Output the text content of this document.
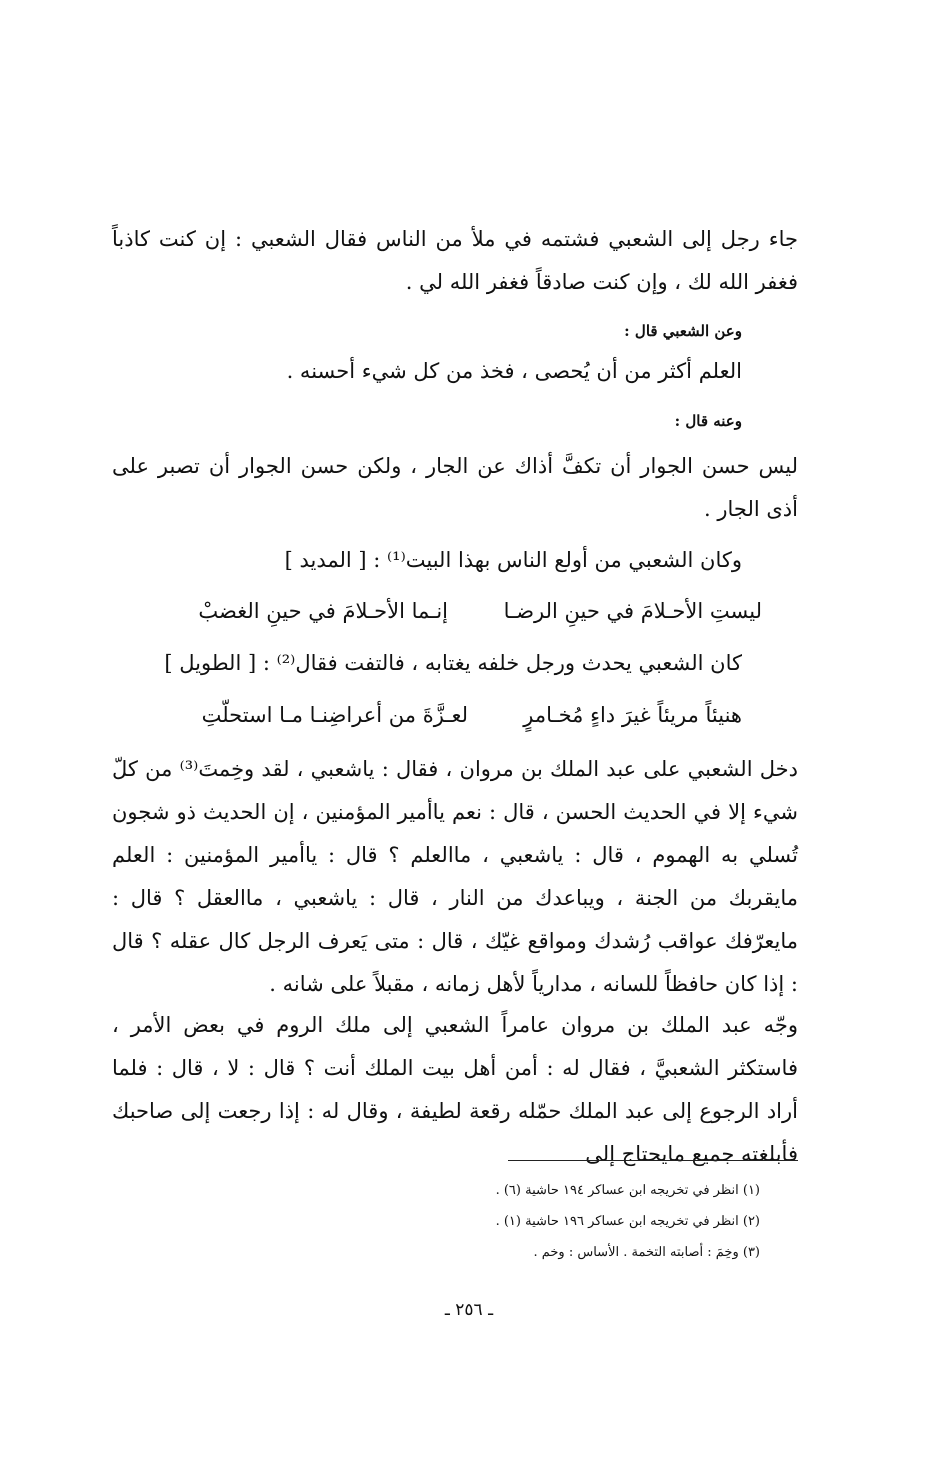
جاء رجل إلى الشعبي فشتمه في ملأ من الناس فقال الشعبي : إن كنت كاذباً فغفر الله لك ، وإن كنت صادقاً فغفر الله لي .
وعن الشعبي قال :
العلم أكثر من أن يُحصى ، فخذ من كل شيء أحسنه .
وعنه قال :
ليس حسن الجوار أن تكفَّ أذاك عن الجار ، ولكن حسن الجوار أن تصبر على أذى الجار .
وكان الشعبي من أولع الناس بهذا البيت⁽¹⁾ : [ المديد ]
ليستِ الأحـلامَ في حينِ الرضـا
إنـما الأحـلامَ في حينِ الغضبْ
كان الشعبي يحدث ورجل خلفه يغتابه ، فالتفت فقال⁽²⁾ : [ الطويل ]
هنيئاً مريئاً غيرَ داءٍ مُخـامرٍ
لعـزَّةَ من أعراضِنـا مـا استحلّتِ
دخل الشعبي على عبد الملك بن مروان ، فقال : ياشعبي ، لقد وخِمتَ⁽³⁾ من كلّ شيء إلا في الحديث الحسن ، قال : نعم ياأمير المؤمنين ، إن الحديث ذو شجون تُسلي به الهموم ، قال : ياشعبي ، ماالعلم ؟ قال : ياأمير المؤمنين : العلم مايقربك من الجنة ، ويباعدك من النار ، قال : ياشعبي ، ماالعقل ؟ قال : مايعرّفك عواقب رُشدك ومواقع غيّك ، قال : متى يَعرف الرجل كال عقله ؟ قال : إذا كان حافظاً للسانه ، مدارياً لأهل زمانه ، مقبلاً على شانه .
وجّه عبد الملك بن مروان عامراً الشعبي إلى ملك الروم في بعض الأمر ، فاستكثر الشعبيَّ ، فقال له : أمن أهل بيت الملك أنت ؟ قال : لا ، قال : فلما أراد الرجوع إلى عبد الملك حمّله رقعة لطيفة ، وقال له : إذا رجعت إلى صاحبك فأبلغته جميع مايحتاج إلى
(١) انظر في تخريجه ابن عساكر ١٩٤ حاشية (٦) .
(٢) انظر في تخريجه ابن عساكر ١٩٦ حاشية (١) .
(٣) وخِمَ : أصابته التخمة . الأساس : وخم .
ـ ٢٥٦ ـ
